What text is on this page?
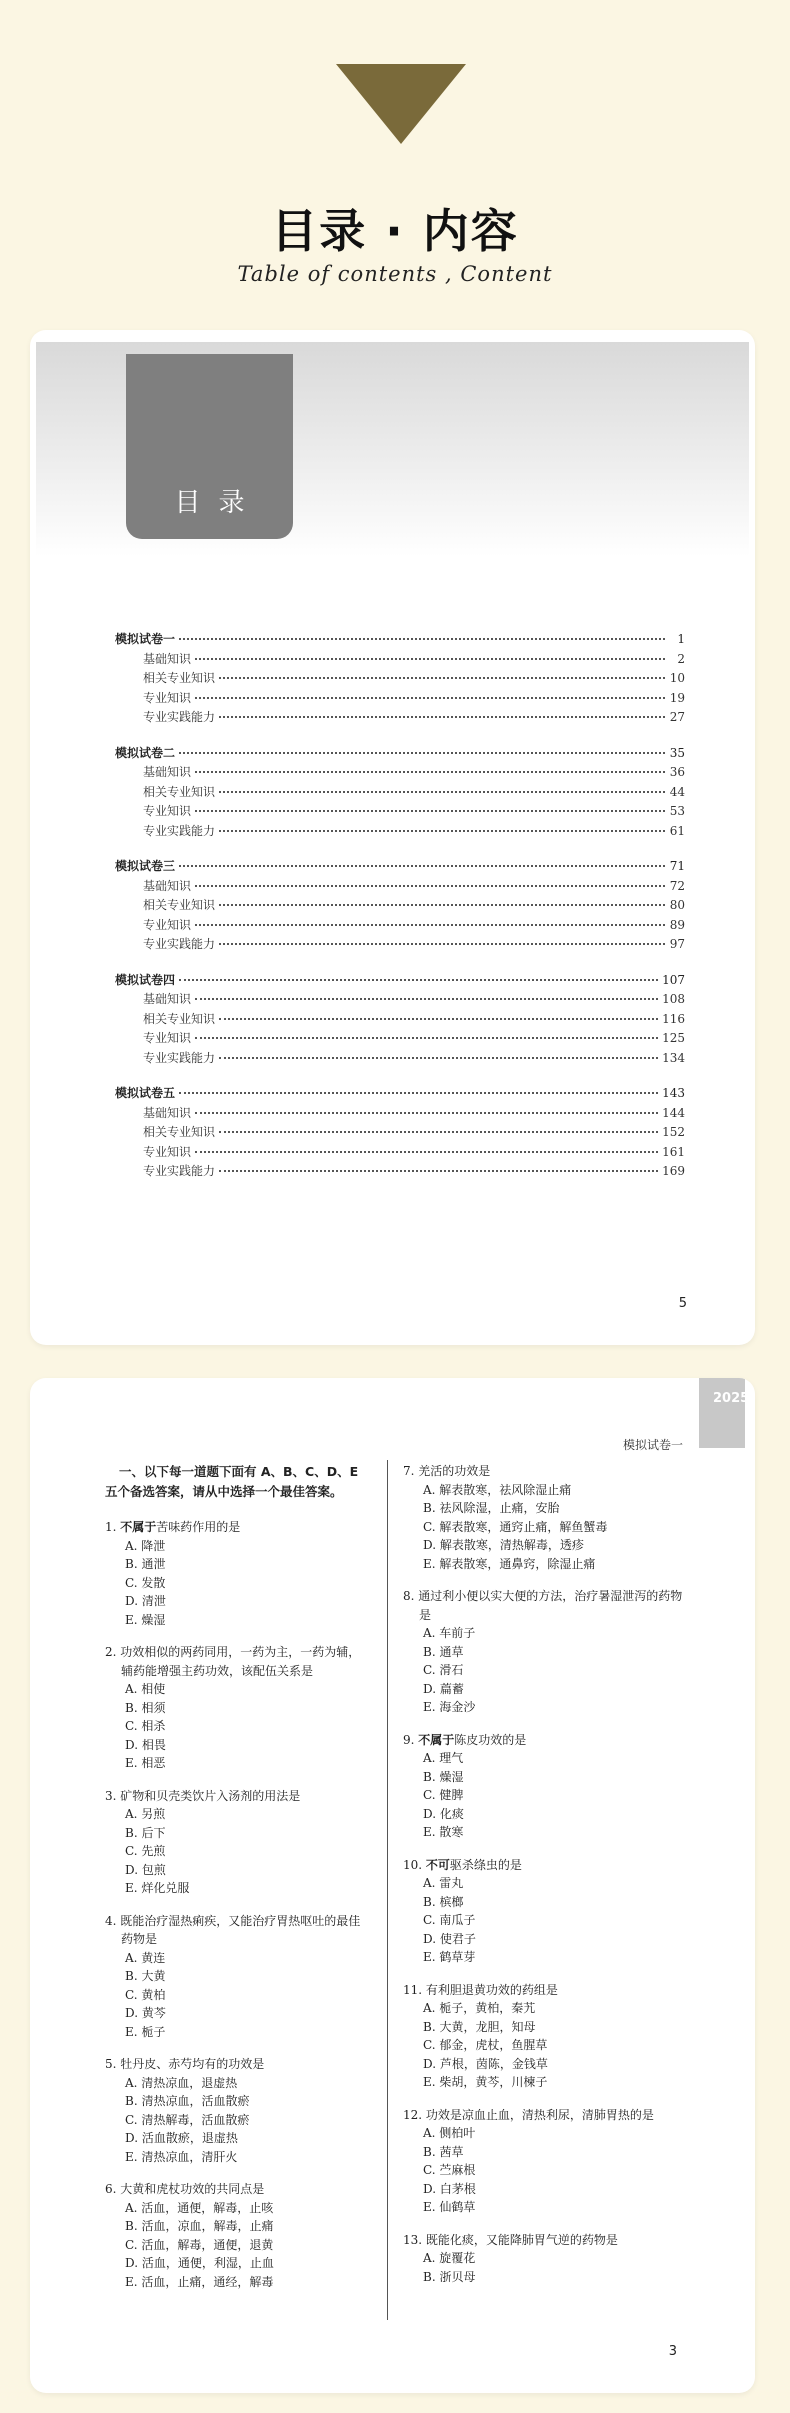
目录 · 内容
Table of contents , Content
目录
模拟试卷一	1
基础知识	2
相关专业知识	10
专业知识	19
专业实践能力	27
模拟试卷二	35
基础知识	36
相关专业知识	44
专业知识	53
专业实践能力	61
模拟试卷三	71
基础知识	72
相关专业知识	80
专业知识	89
专业实践能力	97
模拟试卷四	107
基础知识	108
相关专业知识	116
专业知识	125
专业实践能力	134
模拟试卷五	143
基础知识	144
相关专业知识	152
专业知识	161
专业实践能力	169
5
2025
模拟试卷一
一、以下每一道题下面有 A、B、C、D、E 五个备选答案，请从中选择一个最佳答案。
1. 不属于苦味药作用的是
A. 降泄
B. 通泄
C. 发散
D. 清泄
E. 燥湿
2. 功效相似的两药同用，一药为主，一药为辅，辅药能增强主药功效，该配伍关系是
A. 相使
B. 相须
C. 相杀
D. 相畏
E. 相恶
3. 矿物和贝壳类饮片入汤剂的用法是
A. 另煎
B. 后下
C. 先煎
D. 包煎
E. 烊化兑服
4. 既能治疗湿热痢疾，又能治疗胃热呕吐的最佳药物是
A. 黄连
B. 大黄
C. 黄柏
D. 黄芩
E. 栀子
5. 牡丹皮、赤芍均有的功效是
A. 清热凉血，退虚热
B. 清热凉血，活血散瘀
C. 清热解毒，活血散瘀
D. 活血散瘀，退虚热
E. 清热凉血，清肝火
6. 大黄和虎杖功效的共同点是
A. 活血，通便，解毒，止咳
B. 活血，凉血，解毒，止痛
C. 活血，解毒，通便，退黄
D. 活血，通便，利湿，止血
E. 活血，止痛，通经，解毒
7. 羌活的功效是
A. 解表散寒，祛风除湿止痛
B. 祛风除湿，止痛，安胎
C. 解表散寒，通窍止痛，解鱼蟹毒
D. 解表散寒，清热解毒，透疹
E. 解表散寒，通鼻窍，除湿止痛
8. 通过利小便以实大便的方法，治疗暑湿泄泻的药物是
A. 车前子
B. 通草
C. 滑石
D. 萹蓄
E. 海金沙
9. 不属于陈皮功效的是
A. 理气
B. 燥湿
C. 健脾
D. 化痰
E. 散寒
10. 不可驱杀绦虫的是
A. 雷丸
B. 槟榔
C. 南瓜子
D. 使君子
E. 鹤草芽
11. 有利胆退黄功效的药组是
A. 栀子，黄柏，秦艽
B. 大黄，龙胆，知母
C. 郁金，虎杖，鱼腥草
D. 芦根，茵陈，金钱草
E. 柴胡，黄芩，川楝子
12. 功效是凉血止血，清热利尿，清肺胃热的是
A. 侧柏叶
B. 茜草
C. 苎麻根
D. 白茅根
E. 仙鹤草
13. 既能化痰，又能降肺胃气逆的药物是
A. 旋覆花
B. 浙贝母
3
